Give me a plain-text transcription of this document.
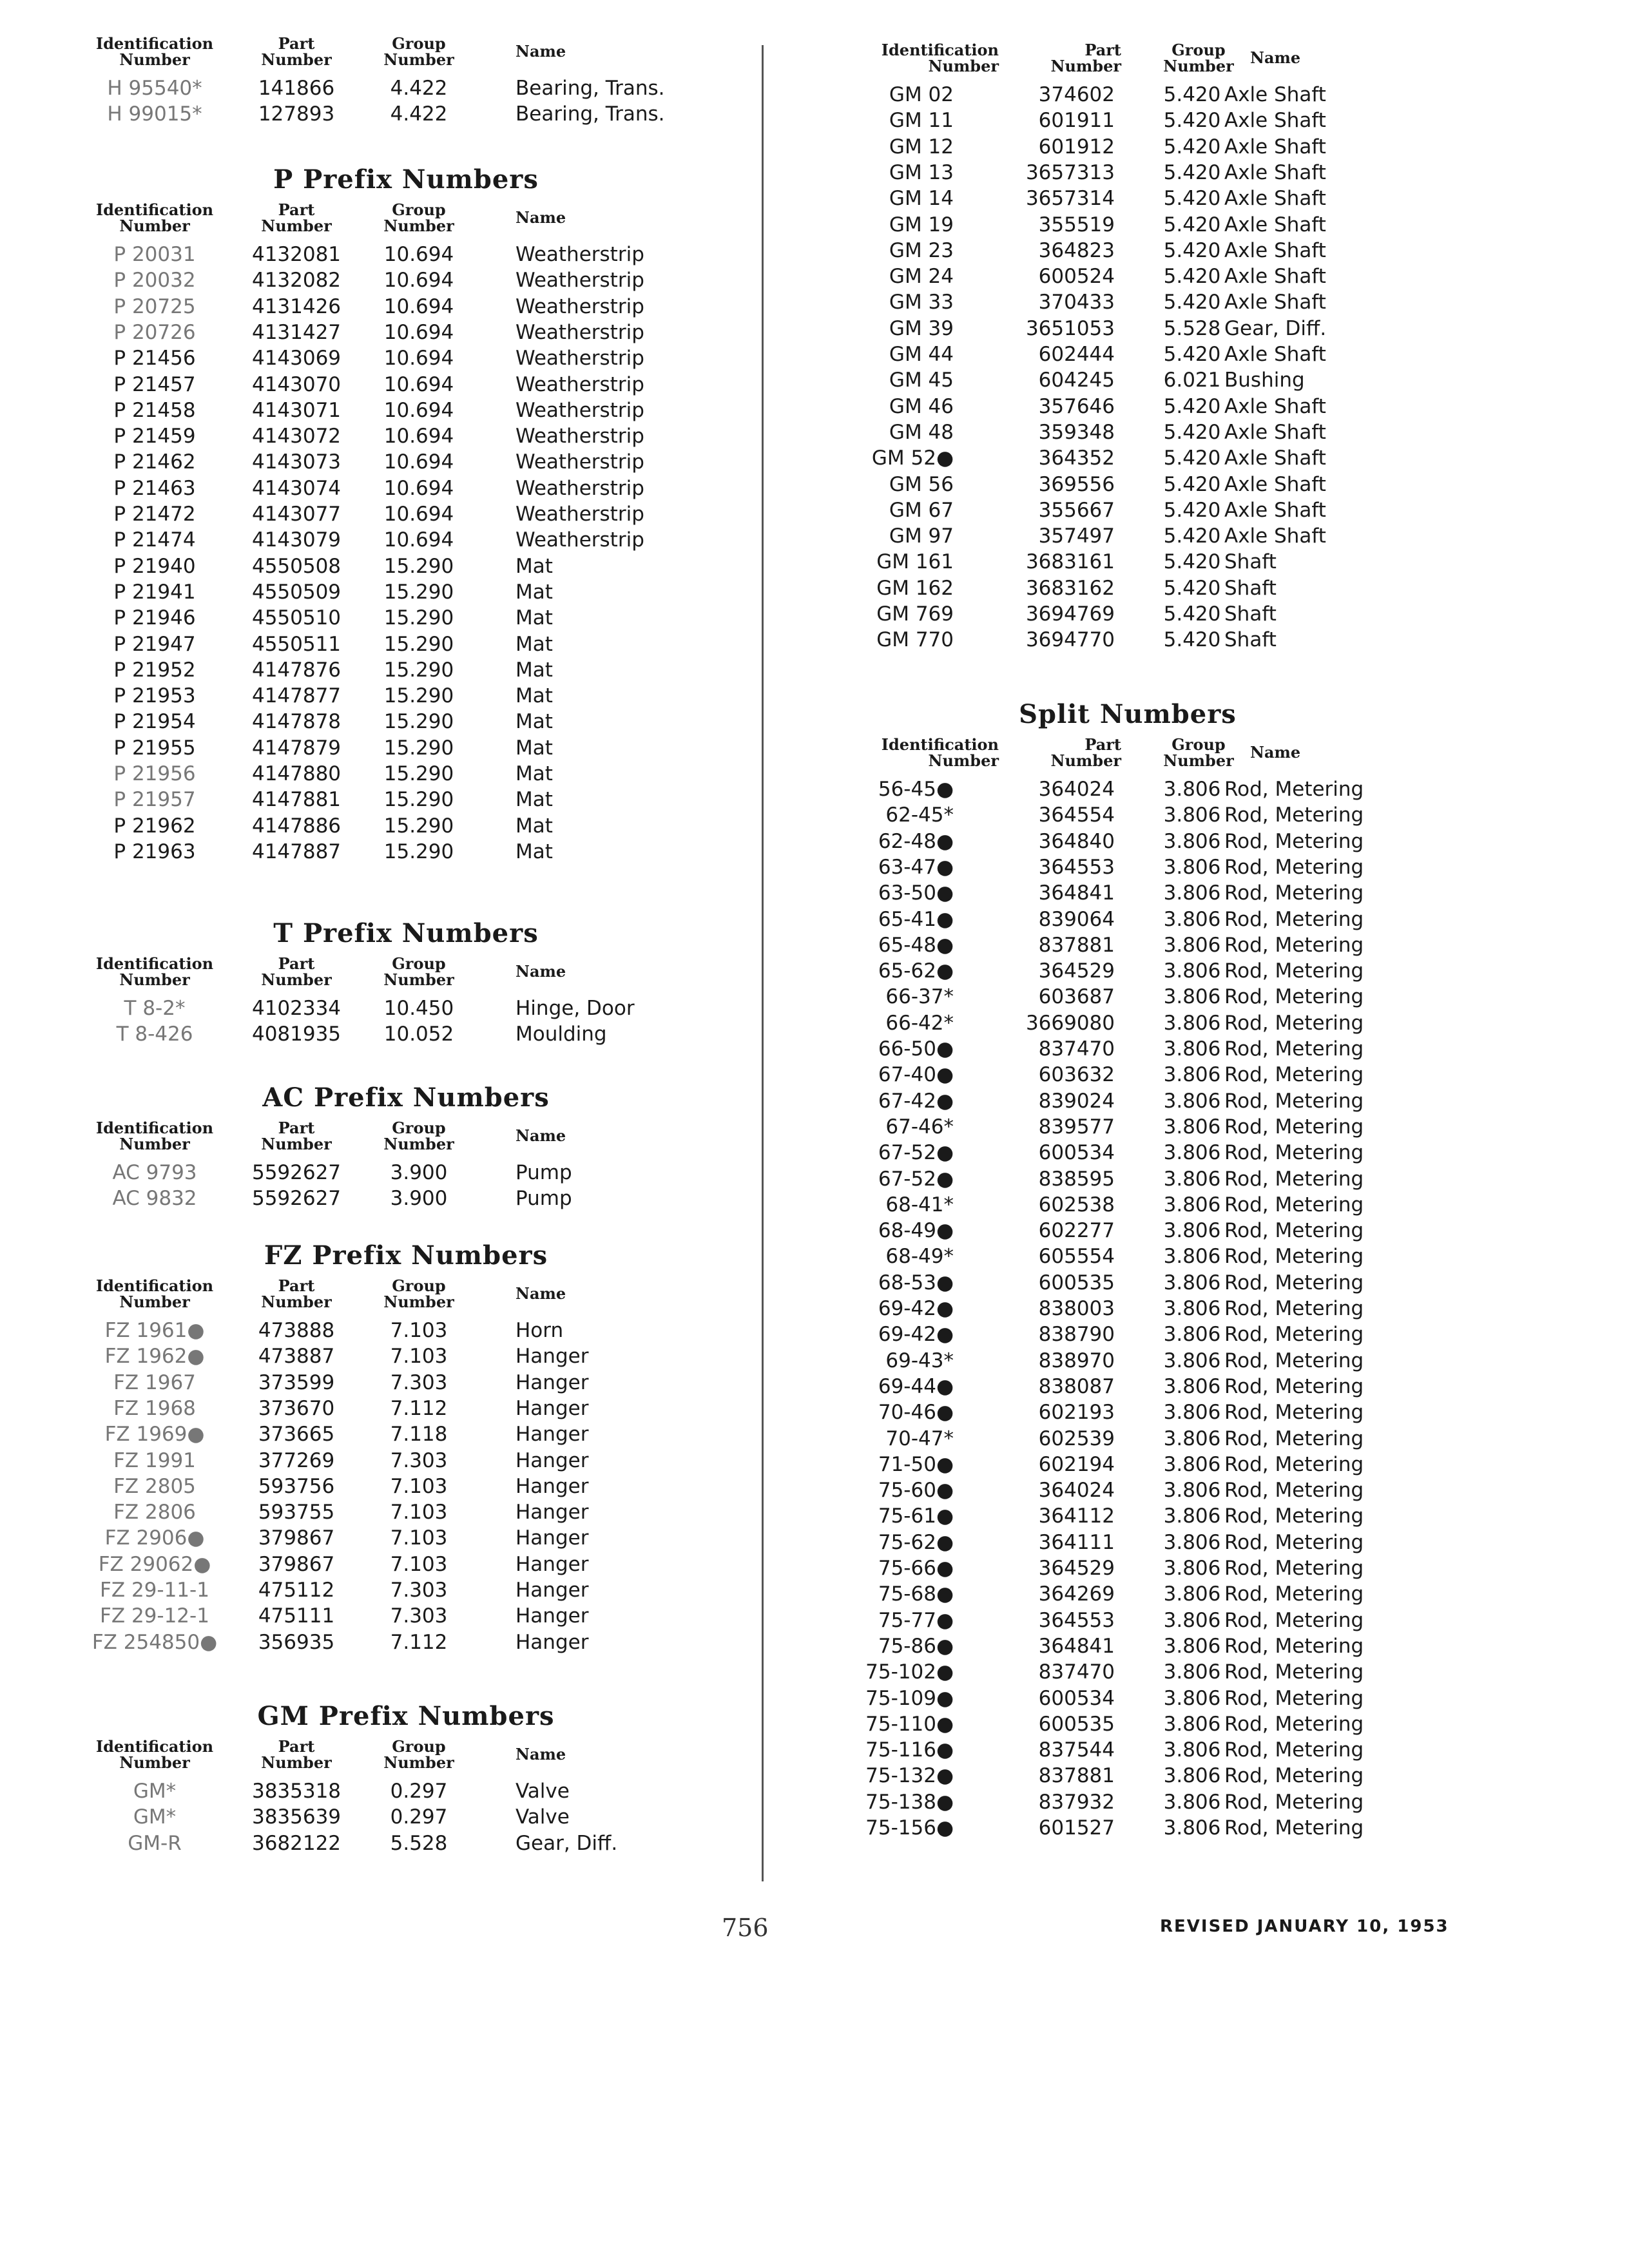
Identification
Number
Part
Number
Group
Number	Name
H 95540*	141866	4.422	Bearing, Trans.
H 99015*	127893	4.422	Bearing, Trans.
P Prefix Numbers
Identification
Number
Part
Number
Group
Number	Name
P 20031	4132081	10.694	Weatherstrip
P 20032	4132082	10.694	Weatherstrip
P 20725	4131426	10.694	Weatherstrip
P 20726	4131427	10.694	Weatherstrip
P 21456	4143069	10.694	Weatherstrip
P 21457	4143070	10.694	Weatherstrip
P 21458	4143071	10.694	Weatherstrip
P 21459	4143072	10.694	Weatherstrip
P 21462	4143073	10.694	Weatherstrip
P 21463	4143074	10.694	Weatherstrip
P 21472	4143077	10.694	Weatherstrip
P 21474	4143079	10.694	Weatherstrip
P 21940	4550508	15.290	Mat
P 21941	4550509	15.290	Mat
P 21946	4550510	15.290	Mat
P 21947	4550511	15.290	Mat
P 21952	4147876	15.290	Mat
P 21953	4147877	15.290	Mat
P 21954	4147878	15.290	Mat
P 21955	4147879	15.290	Mat
P 21956	4147880	15.290	Mat
P 21957	4147881	15.290	Mat
P 21962	4147886	15.290	Mat
P 21963	4147887	15.290	Mat
T Prefix Numbers
Identification
Number
Part
Number
Group
Number	Name
T 8-2*	4102334	10.450	Hinge, Door
T 8-426	4081935	10.052	Moulding
AC Prefix Numbers
Identification
Number
Part
Number
Group
Number	Name
AC 9793	5592627	3.900	Pump
AC 9832	5592627	3.900	Pump
FZ Prefix Numbers
Identification
Number
Part
Number
Group
Number	Name
FZ 1961●	473888	7.103	Horn
FZ 1962●	473887	7.103	Hanger
FZ 1967	373599	7.303	Hanger
FZ 1968	373670	7.112	Hanger
FZ 1969●	373665	7.118	Hanger
FZ 1991	377269	7.303	Hanger
FZ 2805	593756	7.103	Hanger
FZ 2806	593755	7.103	Hanger
FZ 2906●	379867	7.103	Hanger
FZ 29062●	379867	7.103	Hanger
FZ 29-11-1	475112	7.303	Hanger
FZ 29-12-1	475111	7.303	Hanger
FZ 254850●	356935	7.112	Hanger
GM Prefix Numbers
Identification
Number
Part
Number
Group
Number	Name
GM*	3835318	0.297	Valve
GM*	3835639	0.297	Valve
GM-R	3682122	5.528	Gear, Diff.
Identification
Number
Part
Number
Group
Number	Name
GM 02	374602	5.420 Axle Shaft
GM 11	601911	5.420 Axle Shaft
GM 12	601912	5.420 Axle Shaft
GM 13	3657313	5.420 Axle Shaft
GM 14	3657314	5.420 Axle Shaft
GM 19	355519	5.420 Axle Shaft
GM 23	364823	5.420 Axle Shaft
GM 24	600524	5.420 Axle Shaft
GM 33	370433	5.420 Axle Shaft
GM 39	3651053	5.528 Gear, Diff.
GM 44	602444	5.420 Axle Shaft
GM 45	604245	6.021 Bushing
GM 46	357646	5.420 Axle Shaft
GM 48	359348	5.420 Axle Shaft
GM 52●	364352	5.420 Axle Shaft
GM 56	369556	5.420 Axle Shaft
GM 67	355667	5.420 Axle Shaft
GM 97	357497	5.420 Axle Shaft
GM 161	3683161	5.420 Shaft
GM 162	3683162	5.420 Shaft
GM 769	3694769	5.420 Shaft
GM 770	3694770	5.420 Shaft
Split Numbers
Identification
Number
Part
Number
Group
Number	Name
56-45●	364024	3.806 Rod, Metering
62-45*	364554	3.806 Rod, Metering
62-48●	364840	3.806 Rod, Metering
63-47●	364553	3.806 Rod, Metering
63-50●	364841	3.806 Rod, Metering
65-41●	839064	3.806 Rod, Metering
65-48●	837881	3.806 Rod, Metering
65-62●	364529	3.806 Rod, Metering
66-37*	603687	3.806 Rod, Metering
66-42*	3669080	3.806 Rod, Metering
66-50●	837470	3.806 Rod, Metering
67-40●	603632	3.806 Rod, Metering
67-42●	839024	3.806 Rod, Metering
67-46*	839577	3.806 Rod, Metering
67-52●	600534	3.806 Rod, Metering
67-52●	838595	3.806 Rod, Metering
68-41*	602538	3.806 Rod, Metering
68-49●	602277	3.806 Rod, Metering
68-49*	605554	3.806 Rod, Metering
68-53●	600535	3.806 Rod, Metering
69-42●	838003	3.806 Rod, Metering
69-42●	838790	3.806 Rod, Metering
69-43*	838970	3.806 Rod, Metering
69-44●	838087	3.806 Rod, Metering
70-46●	602193	3.806 Rod, Metering
70-47*	602539	3.806 Rod, Metering
71-50●	602194	3.806 Rod, Metering
75-60●	364024	3.806 Rod, Metering
75-61●	364112	3.806 Rod, Metering
75-62●	364111	3.806 Rod, Metering
75-66●	364529	3.806 Rod, Metering
75-68●	364269	3.806 Rod, Metering
75-77●	364553	3.806 Rod, Metering
75-86●	364841	3.806 Rod, Metering
75-102●	837470	3.806 Rod, Metering
75-109●	600534	3.806 Rod, Metering
75-110●	600535	3.806 Rod, Metering
75-116●	837544	3.806 Rod, Metering
75-132●	837881	3.806 Rod, Metering
75-138●	837932	3.806 Rod, Metering
75-156●	601527	3.806 Rod, Metering
756	REVISED JANUARY 10, 1953
